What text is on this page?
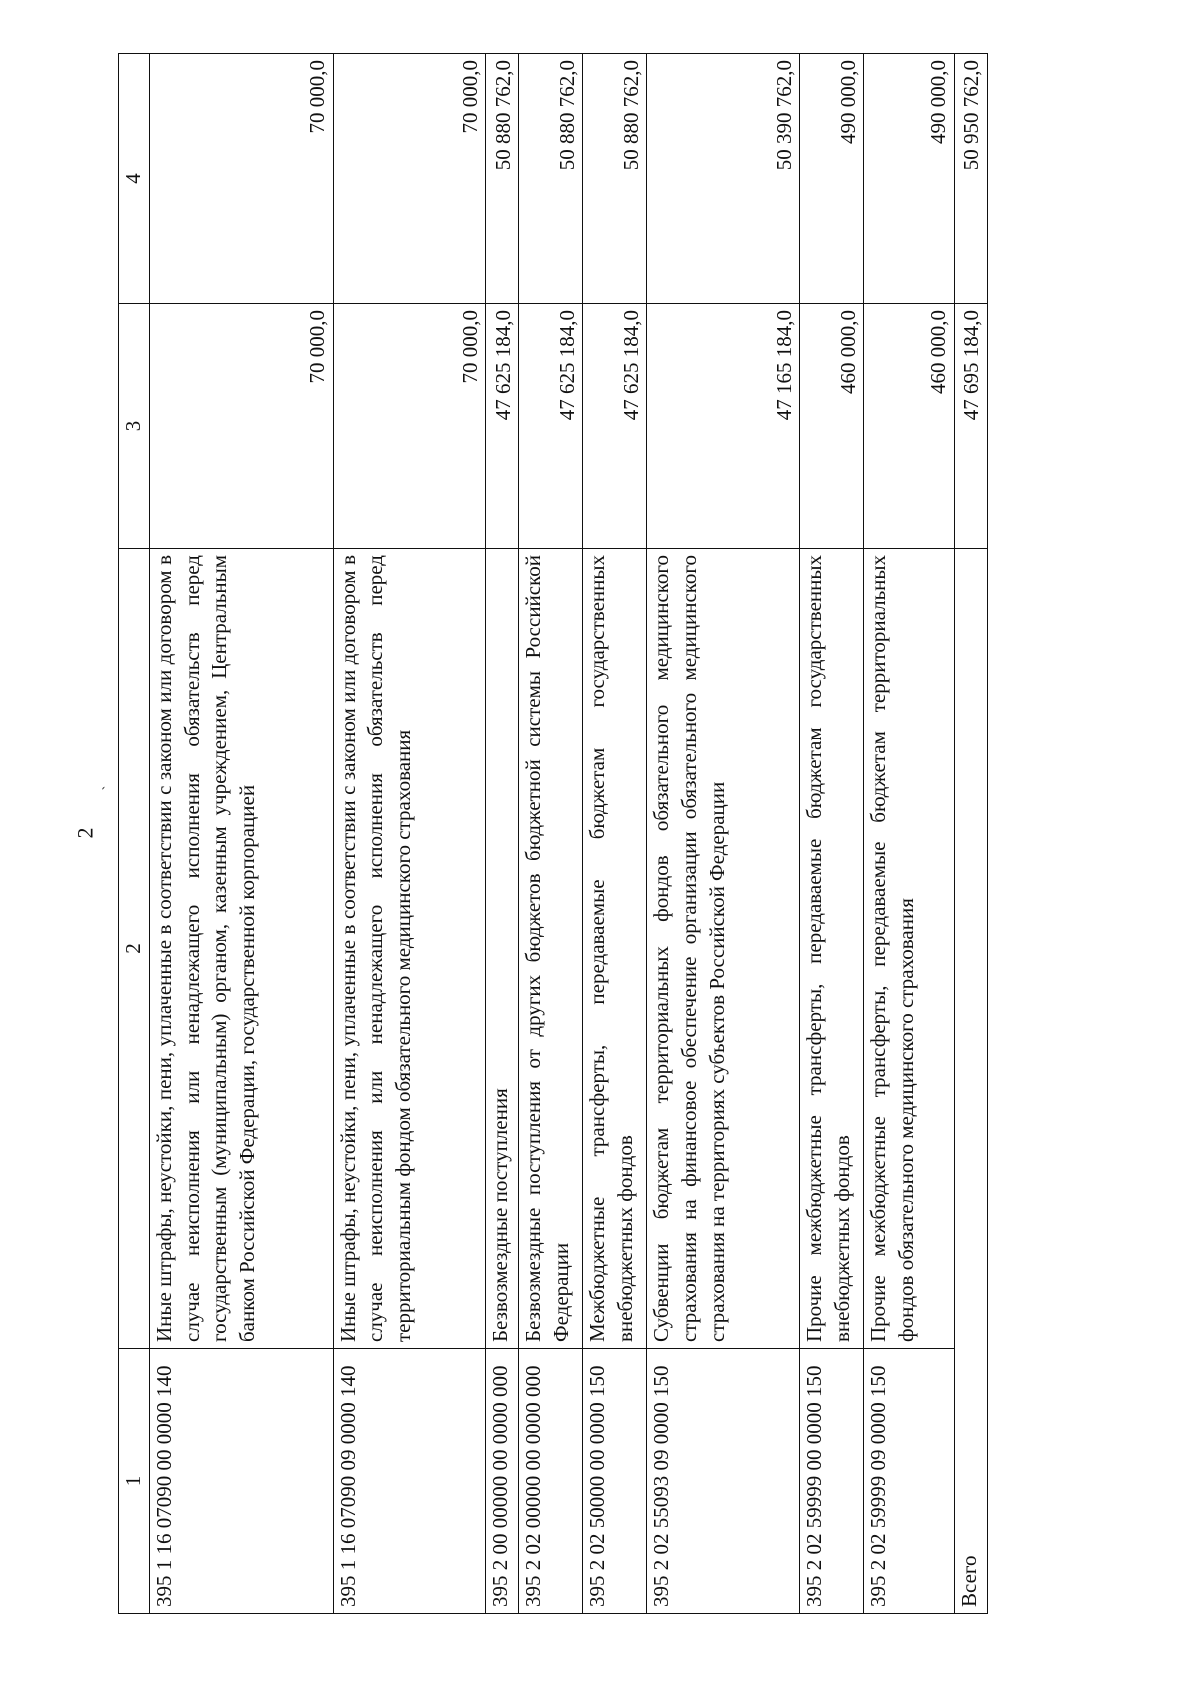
2
ˏ
1	2	3	4
395 1 16 07090 00 0000 140	Иные штрафы, неустойки, пени, уплаченные в соответствии с законом или договором в случае неисполнения или ненадлежащего исполнения обязательств перед государственным (муниципальным) органом, казенным учреждением, Центральным банком Российской Федерации, государственной корпорацией	70 000,0	70 000,0
395 1 16 07090 09 0000 140	Иные штрафы, неустойки, пени, уплаченные в соответствии с законом или договором в случае неисполнения или ненадлежащего исполнения обязательств перед территориальным фондом обязательного медицинского страхования	70 000,0	70 000,0
395 2 00 00000 00 0000 000	Безвозмездные поступления	47 625 184,0	50 880 762,0
395 2 02 00000 00 0000 000	Безвозмездные поступления от других бюджетов бюджетной системы Российской Федерации	47 625 184,0	50 880 762,0
395 2 02 50000 00 0000 150	Межбюджетные трансферты, передаваемые бюджетам государственных внебюджетных фондов	47 625 184,0	50 880 762,0
395 2 02 55093 09 0000 150	Субвенции бюджетам территориальных фондов обязательного медицинского страхования на финансовое обеспечение организации обязательного медицинского страхования на территориях субъектов Российской Федерации	47 165 184,0	50 390 762,0
395 2 02 59999 00 0000 150	Прочие межбюджетные трансферты, передаваемые бюджетам государственных внебюджетных фондов	460 000,0	490 000,0
395 2 02 59999 09 0000 150	Прочие межбюджетные трансферты, передаваемые бюджетам территориальных фондов обязательного медицинского страхования	460 000,0	490 000,0
Всего		47 695 184,0	50 950 762,0
